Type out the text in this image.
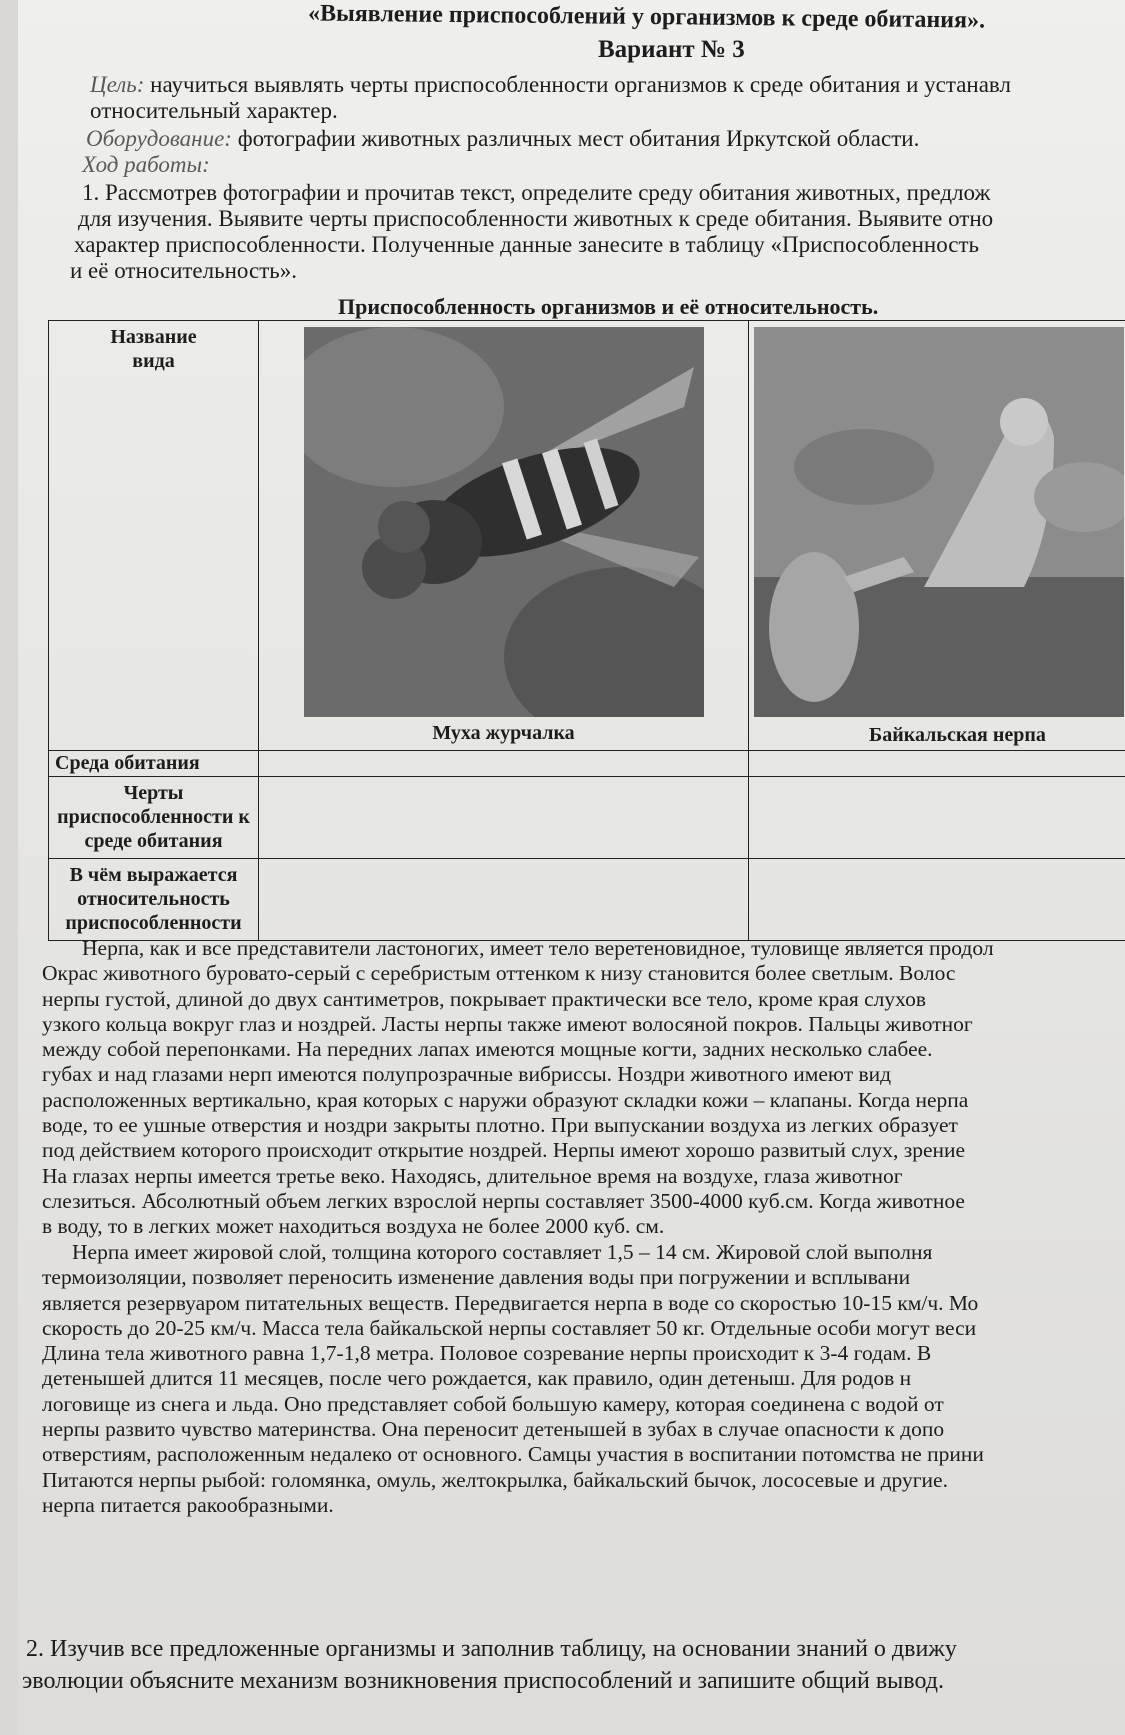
«Выявление приспособлений у организмов к среде обитания».
Вариант № 3
Цель: научиться выявлять черты приспособленности организмов к среде обитания и устанавл
относительный характер.
Оборудование: фотографии животных различных мест обитания Иркутской области.
Ход работы:
1. Рассмотрев фотографии и прочитав текст, определите среду обитания животных, предлож
для изучения. Выявите черты приспособленности животных к среде обитания. Выявите отно
характер приспособленности. Полученные данные занесите в таблицу «Приспособленность
и её относительность».
Приспособленность организмов и её относительность.
Название вида	Муха журчалка	Байкальская нерпа

Среда обитания		
Черты приспособленности к среде обитания		
В чём выражается относительность приспособленности		

Нерпа, как и все представители ластоногих, имеет тело веретеновидное, туловище является продол

Окрас животного буровато-серый с серебристым оттенком к низу становится более светлым. Волос

нерпы густой, длиной до двух сантиметров, покрывает практически все тело, кроме края слухов

узкого кольца вокруг глаз и ноздрей. Ласты нерпы также имеют волосяной покров. Пальцы животног

между собой перепонками. На передних лапах имеются мощные когти, задних несколько слабее.

губах и над глазами нерп имеются полупрозрачные вибриссы. Ноздри животного имеют вид

расположенных вертикально, края которых с наружи образуют складки кожи – клапаны. Когда нерпа

воде, то ее ушные отверстия и ноздри закрыты плотно. При выпускании воздуха из легких образует

под действием которого происходит открытие ноздрей. Нерпы имеют хорошо развитый слух, зрение

На глазах нерпы имеется третье веко. Находясь, длительное время на воздухе, глаза животног

слезиться. Абсолютный объем легких взрослой нерпы составляет 3500-4000 куб.см. Когда животное

в воду, то в легких может находиться воздуха не более 2000 куб. см.

Нерпа имеет жировой слой, толщина которого составляет 1,5 – 14 см. Жировой слой выполня

термоизоляции, позволяет переносить изменение давления воды при погружении и всплывани

является резервуаром питательных веществ. Передвигается нерпа в воде со скоростью 10-15 км/ч. Мо

скорость до 20-25 км/ч. Масса тела байкальской нерпы составляет 50 кг. Отдельные особи могут веси

Длина тела животного равна 1,7-1,8 метра. Половое созревание нерпы происходит к 3-4 годам. В

детенышей длится 11 месяцев, после чего рождается, как правило, один детеныш. Для родов н

логовище из снега и льда. Оно представляет собой большую камеру, которая соединена с водой от

нерпы развито чувство материнства. Она переносит детенышей в зубах в случае опасности к допо

отверстиям, расположенным недалеко от основного. Самцы участия в воспитании потомства не прини

Питаются нерпы рыбой: голомянка, омуль, желтокрылка, байкальский бычок, лососевые и другие.

нерпа питается ракообразными.

2. Изучив все предложенные организмы и заполнив таблицу, на основании знаний о движу
эволюции объясните механизм возникновения приспособлений и запишите общий вывод.
